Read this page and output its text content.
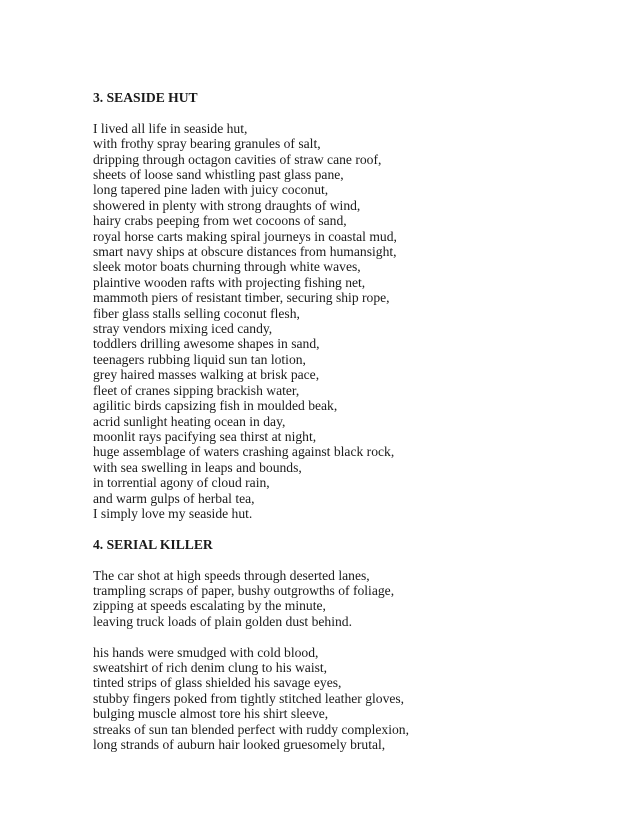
3. SEASIDE HUT
I lived all life in seaside hut,
with frothy spray bearing granules of salt,
dripping through octagon cavities of straw cane roof,
sheets of loose sand whistling past glass pane,
long tapered pine laden with juicy coconut,
showered in plenty with strong draughts of wind,
hairy crabs peeping from wet cocoons of sand,
royal horse carts making spiral journeys in coastal mud,
smart navy ships at obscure distances from humansight,
sleek motor boats churning through white waves,
plaintive wooden rafts with projecting fishing net,
mammoth piers of resistant timber, securing ship rope,
fiber glass stalls selling coconut flesh,
stray vendors mixing iced candy,
toddlers drilling awesome shapes in sand,
teenagers rubbing liquid sun tan lotion,
grey haired masses walking at brisk pace,
fleet of cranes sipping brackish water,
agilitic birds capsizing fish in moulded beak,
acrid sunlight heating ocean in day,
moonlit rays pacifying sea thirst at night,
huge assemblage of waters crashing against black rock,
with sea swelling in leaps and bounds,
in torrential agony of cloud rain,
and warm gulps of herbal tea,
I simply love my seaside hut.
4. SERIAL KILLER
The car shot at high speeds through deserted lanes,
trampling scraps of paper, bushy outgrowths of foliage,
zipping at speeds escalating by the minute,
leaving truck loads of plain golden dust behind.
his hands were smudged with cold blood,
sweatshirt of rich denim clung to his waist,
tinted strips of glass shielded his savage eyes,
stubby fingers poked from tightly stitched leather gloves,
bulging muscle almost tore his shirt sleeve,
streaks of sun tan blended perfect with ruddy complexion,
long strands of auburn hair looked gruesomely brutal,
